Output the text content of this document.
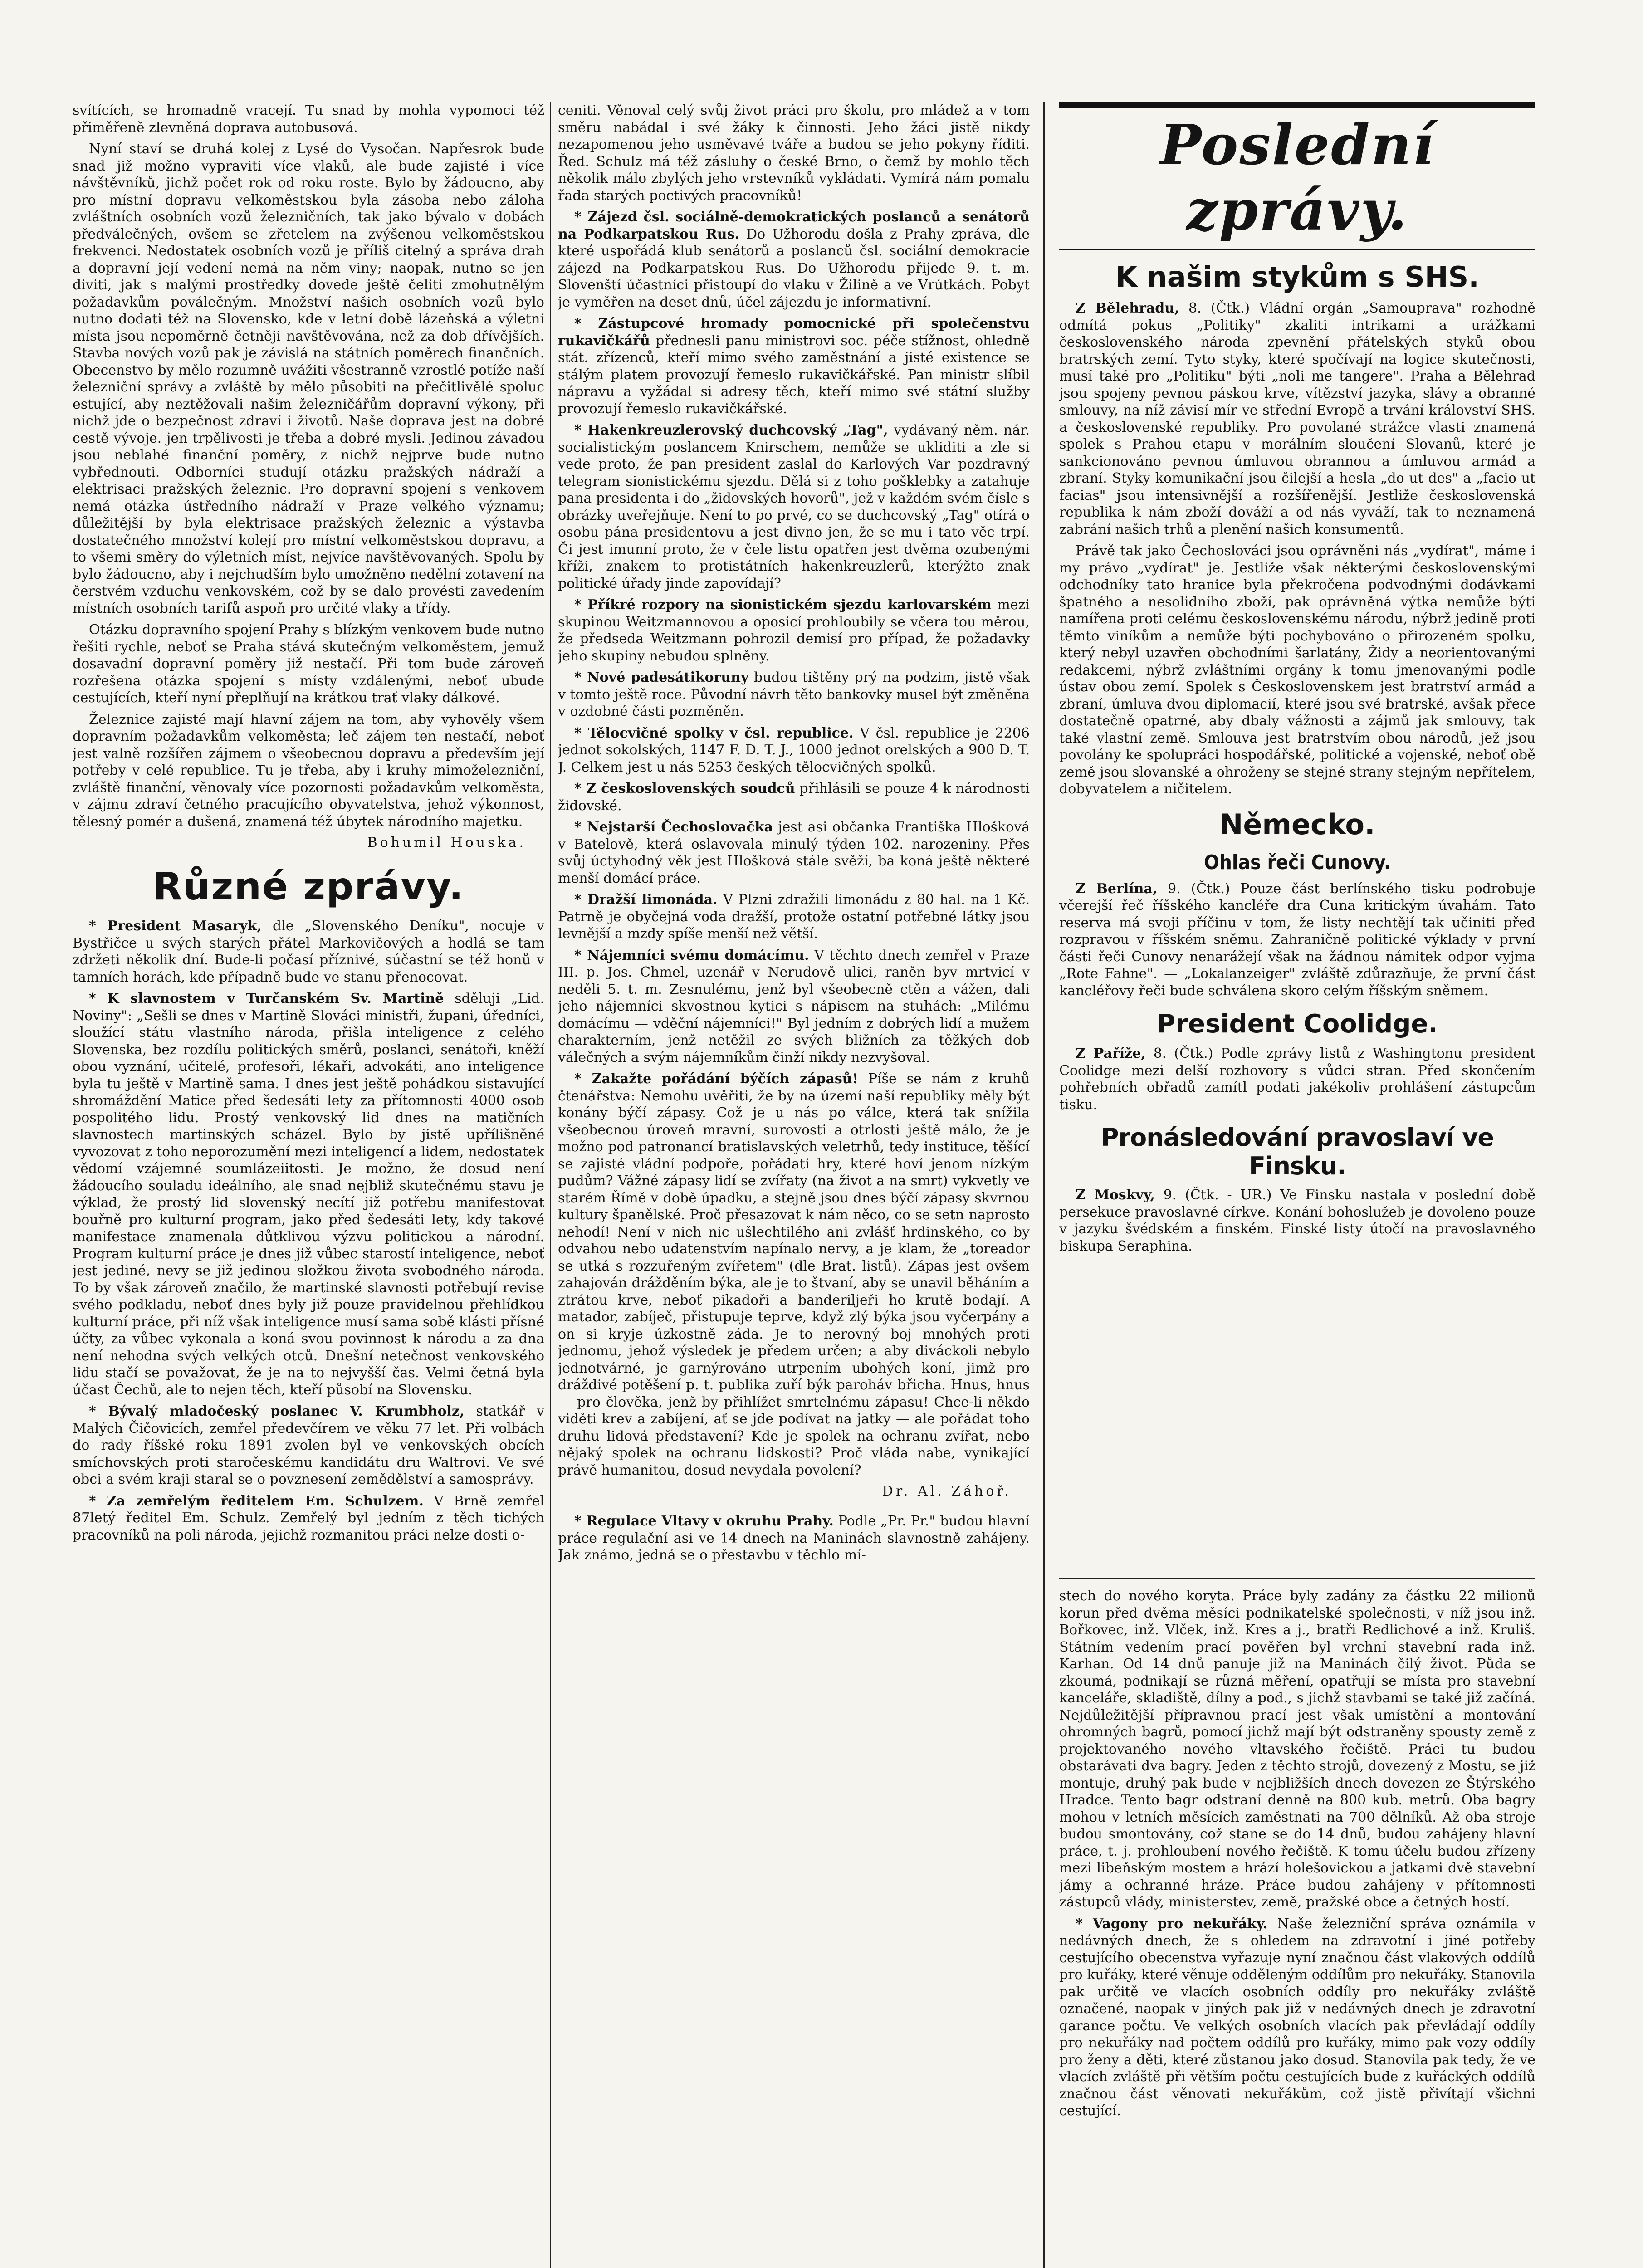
svítících, se hromadně vracejí. Tu snad by mohla vypomoci též přiměřeně zlevněná doprava autobusová.

Nyní staví se druhá kolej z Lysé do Vysočan. Napřesrok bude snad již možno vypraviti více vlaků, ale bude zajisté i více návštěvníků, jichž počet rok od roku roste. Bylo by žádoucno, aby pro místní dopravu velkoměstskou byla zásoba nebo záloha zvláštních osobních vozů železničních, tak jako bývalo v dobách předválečných, ovšem se zřetelem na zvýšenou velkoměstskou frekvenci. Nedostatek osobních vozů je příliš citelný a správa drah a dopravní její vedení nemá na něm viny; naopak, nutno se jen diviti, jak s malými prostředky dovede ještě čeliti zmohutnělým požadavkům poválečným. Množství našich osobních vozů bylo nutno dodati též na Slovensko, kde v letní době lázeňská a výletní místa jsou nepoměrně četněji navštěvována, než za dob dřívějších. Stavba nových vozů pak je závislá na státních poměrech finančních. Obecenstvo by mělo rozumně uvážiti všestranně vzrostlé potíže naší železniční správy a zvláště by mělo působiti na přečitlivělé spoluc estující, aby neztěžovali našim železničářům dopravní výkony, při nichž jde o bezpečnost zdraví i životů. Naše doprava jest na dobré cestě vývoje. jen trpělivosti je třeba a dobré mysli. Jedinou závadou jsou neblahé finanční poměry, z nichž nejprve bude nutno vybřednouti. Odborníci studují otázku pražských nádraží a elektrisaci pražských železnic. Pro dopravní spojení s venkovem nemá otázka ústředního nádraží v Praze velkého významu; důležitější by byla elektrisace pražských železnic a výstavba dostatečného množství kolejí pro místní velkoměstskou dopravu, a to všemi směry do výletních míst, nejvíce navštěvovaných. Spolu by bylo žádoucno, aby i nejchudším bylo umožněno nedělní zotavení na čerstvém vzduchu venkovském, což by se dalo provésti zavedením místních osobních tarifů aspoň pro určité vlaky a třídy.

Otázku dopravního spojení Prahy s blízkým venkovem bude nutno řešiti rychle, neboť se Praha stává skutečným velkoměstem, jemuž dosavadní dopravní poměry již nestačí. Při tom bude zároveň rozřešena otázka spojení s místy vzdálenými, neboť ubude cestujících, kteří nyní přeplňují na krátkou trať vlaky dálkové.

Železnice zajisté mají hlavní zájem na tom, aby vyhověly všem dopravním požadavkům velkoměsta; leč zájem ten nestačí, neboť jest valně rozšířen zájmem o všeobecnou dopravu a především její potřeby v celé republice. Tu je třeba, aby i kruhy mimoželezniční, zvláště finanční, věnovaly více pozornosti požadavkům velkoměsta, v zájmu zdraví četného pracujícího obyvatelstva, jehož výkonnost, tělesný pomér a dušená, znamená též úbytek národního majetku.

Bohumil Houska.
Různé zprávy.

* President Masaryk, dle „Slovenského Deníku", nocuje v Bystřičce u svých starých přátel Markovičových a hodlá se tam zdržeti několik dní. Bude-li počasí příznivé, súčastní se též honů v tamních horách, kde případně bude ve stanu přenocovat.

* K slavnostem v Turčanském Sv. Martině sděluji „Lid. Noviny": „Sešli se dnes v Martině Slováci ministři, župani, úředníci, sloužící státu vlastního národa, přišla inteligence z celého Slovenska, bez rozdílu politických směrů, poslanci, senátoři, kněží obou vyznání, učitelé, profesoři, lékaři, advokáti, ano inteligence byla tu ještě v Martině sama. I dnes jest ještě pohádkou sistavující shromáždění Matice před šedesáti lety za přítomnosti 4000 osob pospolitého lidu. Prostý venkovský lid dnes na matičních slavnostech martinských scházel. Bylo by jistě upřílišněné vyvozovat z toho neporozumění mezi inteligencí a lidem, nedostatek vědomí vzájemné soumlázeiitosti. Je možno, že dosud není žádoucího souladu ideálního, ale snad nejbliž skutečnému stavu je výklad, že prostý lid slovenský necítí již potřebu manifestovat bouřně pro kulturní program, jako před šedesáti lety, kdy takové manifestace znamenala důtklivou výzvu politickou a národní. Program kulturní práce je dnes již vůbec starostí inteligence, neboť jest jediné, nevy se již jedinou složkou života svobodného národa. To by však zároveň značilo, že martinské slavnosti potřebují revise svého podkladu, neboť dnes byly již pouze pravidelnou přehlídkou kulturní práce, při níž však inteligence musí sama sobě klásti přísné účty, za vůbec vykonala a koná svou povinnost k národu a za dna není nehodna svých velkých otců. Dnešní netečnost venkovského lidu stačí se považovat, že je na to nejvyšší čas. Velmi četná byla účast Čechů, ale to nejen těch, kteří působí na Slovensku.

* Bývalý mladočeský poslanec V. Krumbholz, statkář v Malých Čičovicích, zemřel předevčírem ve věku 77 let. Při volbách do rady říšské roku 1891 zvolen byl ve venkovských obcích smíchovských proti staročeskému kandidátu dru Waltrovi. Ve své obci a svém kraji staral se o povznesení zemědělství a samosprávy.

* Za zemřelým ředitelem Em. Schulzem. V Brně zemřel 87letý ředitel Em. Schulz. Zemřelý byl jedním z těch tichých pracovníků na poli národa, jejichž rozmanitou práci nelze dosti o-

ceniti. Věnoval celý svůj život práci pro školu, pro mládež a v tom směru nabádal i své žáky k činnosti. Jeho žáci jistě nikdy nezapomenou jeho usměvavé tváře a budou se jeho pokyny říditi. Řed. Schulz má též zásluhy o české Brno, o čemž by mohlo těch několik málo zbylých jeho vrstevníků vykládati. Vymírá nám pomalu řada starých poctivých pracovníků!

* Zájezd čsl. sociálně-demokratických poslanců a senátorů na Podkarpatskou Rus. Do Užhorodu došla z Prahy zpráva, dle které uspořádá klub senátorů a poslanců čsl. sociální demokracie zájezd na Podkarpatskou Rus. Do Užhorodu přijede 9. t. m. Slovenští účastníci přistoupí do vlaku v Žilině a ve Vrútkách. Pobyt je vyměřen na deset dnů, účel zájezdu je informativní.

* Zástupcové hromady pomocnické při společenstvu rukavičkářů přednesli panu ministrovi soc. péče stížnost, ohledně stát. zřízenců, kteří mimo svého zaměstnání a jisté existence se stálým platem provozují řemeslo rukavičkářské. Pan ministr slíbil nápravu a vyžádal si adresy těch, kteří mimo své státní služby provozují řemeslo rukavičkářské.

* Hakenkreuzlerovský duchcovský „Tag", vydávaný něm. nár. socialistickým poslancem Knirschem, nemůže se ukliditi a zle si vede proto, že pan president zaslal do Karlových Var pozdravný telegram sionistickému sjezdu. Dělá si z toho pošklebky a zatahuje pana presidenta i do „židovských hovorů", jež v každém svém čísle s obrázky uveřejňuje. Není to po prvé, co se duchcovský „Tag" otírá o osobu pána presidentovu a jest divno jen, že se mu i tato věc trpí. Či jest imunní proto, že v čele listu opatřen jest dvěma ozubenými kříži, znakem to protistátních hakenkreuzlerů, kterýžto znak politické úřady jinde zapovídají?

* Příkré rozpory na sionistickém sjezdu karlovarském mezi skupinou Weitzmannovou a oposicí prohloubily se včera tou měrou, že předseda Weitzmann pohrozil demisí pro případ, že požadavky jeho skupiny nebudou splněny.

* Nové padesátikoruny budou tištěny prý na podzim, jistě však v tomto ještě roce. Původní návrh těto bankovky musel být změněna v ozdobné části pozměněn.

* Tělocvičné spolky v čsl. republice. V čsl. republice je 2206 jednot sokolských, 1147 F. D. T. J., 1000 jednot orelských a 900 D. T. J. Celkem jest u nás 5253 českých tělocvičných spolků.

* Z československých soudců přihlásili se pouze 4 k národnosti židovské.

* Nejstarší Čechoslovačka jest asi občanka Františka Hlošková v Batelově, která oslavovala minulý týden 102. narozeniny. Přes svůj úctyhodný věk jest Hlošková stále svěží, ba koná ještě některé menší domácí práce.

* Dražší limonáda. V Plzni zdražili limonádu z 80 hal. na 1 Kč. Patrně je obyčejná voda dražší, protože ostatní potřebné látky jsou levnější a mzdy spíše menší než větší.

* Nájemníci svému domácímu. V těchto dnech zemřel v Praze III. p. Jos. Chmel, uzenář v Nerudově ulici, raněn byv mrtvicí v neděli 5. t. m. Zesnulému, jenž byl všeobecně ctěn a vážen, dali jeho nájemníci skvostnou kytici s nápisem na stuhách: „Milému domácímu — vděční nájemníci!" Byl jedním z dobrých lidí a mužem charakterním, jenž netěžil ze svých bližních za těžkých dob válečných a svým nájemníkům činží nikdy nezvyšoval.

* Zakažte pořádání býčích zápasů! Píše se nám z kruhů čtenářstva: Nemohu uvěřiti, že by na území naší republiky měly být konány býčí zápasy. Což je u nás po válce, která tak snížila všeobecnou úroveň mravní, surovosti a otrlosti ještě málo, že je možno pod patronancí bratislavských veletrhů, tedy instituce, těšící se zajisté vládní podpoře, pořádati hry, které hoví jenom nízkým pudům? Vážné zápasy lidí se zvířaty (na život a na smrt) vykvetly ve starém Římě v době úpadku, a stejně jsou dnes býčí zápasy skvrnou kultury španělské. Proč přesazovat k nám něco, co se setn naprosto nehodí! Není v nich nic ušlechtilého ani zvlášť hrdinského, co by odvahou nebo udatenstvím napínalo nervy, a je klam, že „toreador se utká s rozzuřeným zvířetem" (dle Brat. listů). Zápas jest ovšem zahajován drážděním býka, ale je to štvaní, aby se unavil běháním a ztrátou krve, neboť pikadoři a banderiljeři ho krutě bodají. A matador, zabíječ, přistupuje teprve, když zlý býka jsou vyčerpány a on si kryje úzkostně záda. Je to nerovný boj mnohých proti jednomu, jehož výsledek je předem určen; a aby diváckoli nebylo jednotvárné, je garnýrováno utrpením ubohých koní, jimž pro dráždivé potěšení p. t. publika zuří býk paroháv břicha. Hnus, hnus — pro člověka, jenž by přihlížet smrtelnému zápasu! Chce-li někdo viděti krev a zabíjení, ať se jde podívat na jatky — ale pořádat toho druhu lidová představení? Kde je spolek na ochranu zvířat, nebo nějaký spolek na ochranu lidskosti? Proč vláda nabe, vynikající právě humanitou, dosud nevydala povolení?

Dr. Al. Záhoř.

* Regulace Vltavy v okruhu Prahy. Podle „Pr. Pr." budou hlavní práce regulační asi ve 14 dnech na Maninách slavnostně zahájeny. Jak známo, jedná se o přestavbu v těchlo mí-

Poslední zprávy.
K našim stykům s SHS.

Z Bělehradu, 8. (Čtk.) Vládní orgán „Samouprava" rozhodně odmítá pokus „Politiky" zkaliti intrikami a urážkami československého národa zpevnění přátelských styků obou bratrských zemí. Tyto styky, které spočívají na logice skutečnosti, musí také pro „Politiku" býti „noli me tangere". Praha a Bělehrad jsou spojeny pevnou páskou krve, vítězství jazyka, slávy a obranné smlouvy, na níž závisí mír ve střední Evropě a trvání království SHS. a československé republiky. Pro povolané strážce vlasti znamená spolek s Prahou etapu v morálním sloučení Slovanů, které je sankcionováno pevnou úmluvou obrannou a úmluvou armád a zbraní. Styky komunikační jsou čilejší a hesla „do ut des" a „facio ut facias" jsou intensivnější a rozšířenější. Jestliže československá republika k nám zboží dováží a od nás vyváží, tak to neznamená zabrání našich trhů a plenění našich konsumentů.

Právě tak jako Čechoslováci jsou oprávněni nás „vydírat", máme i my právo „vydírat" je. Jestliže však některými československými odchodníky tato hranice byla překročena podvodnými dodávkami špatného a nesolidního zboží, pak oprávněná výtka nemůže býti namířena proti celému československému národu, nýbrž jedině proti těmto viníkům a nemůže býti pochybováno o přirozeném spolku, který nebyl uzavřen obchodními šarlatány, Židy a neorientovanými redakcemi, nýbrž zvláštními orgány k tomu jmenovanými podle ústav obou zemí. Spolek s Československem jest bratrství armád a zbraní, úmluva dvou diplomacií, které jsou své bratrské, avšak přece dostatečně opatrné, aby dbaly vážnosti a zájmů jak smlouvy, tak také vlastní země. Smlouva jest bratrstvím obou národů, jež jsou povolány ke spolupráci hospodářské, politické a vojenské, neboť obě země jsou slovanské a ohroženy se stejné strany stejným nepřítelem, dobyvatelem a ničitelem.

Německo.
Ohlas řeči Cunovy.

Z Berlína, 9. (Čtk.) Pouze část berlínského tisku podrobuje včerejší řeč říšského kancléře dra Cuna kritickým úvahám. Tato reserva má svoji příčinu v tom, že listy nechtějí tak učiniti před rozpravou v říšském sněmu. Zahraničně politické výklady v první části řeči Cunovy nenarážejí však na žádnou námitek odpor vyjma „Rote Fahne". — „Lokalanzeiger" zvláště zdůrazňuje, že první část kancléřovy řeči bude schválena skoro celým říšským sněmem.

President Coolidge.

Z Paříže, 8. (Čtk.) Podle zprávy listů z Washingtonu president Coolidge mezi delší rozhovory s vůdci stran. Před skončením pohřebních obřadů zamítl podati jakékoliv prohlášení zástupcům tisku.

Pronásledování pravoslaví ve Finsku.

Z Moskvy, 9. (Čtk. - UR.) Ve Finsku nastala v poslední době persekuce pravoslavné církve. Konání bohoslužeb je dovoleno pouze v jazyku švédském a finském. Finské listy útočí na pravoslavného biskupa Seraphina.

stech do nového koryta. Práce byly zadány za částku 22 milionů korun před dvěma měsíci podnikatelské společnosti, v níž jsou inž. Bořkovec, inž. Vlček, inž. Kres a j., bratři Redlichové a inž. Kruliš. Státním vedením prací pověřen byl vrchní stavební rada inž. Karhan. Od 14 dnů panuje již na Maninách čilý život. Půda se zkoumá, podnikají se různá měření, opatřují se místa pro stavební kanceláře, skladiště, dílny a pod., s jichž stavbami se také již začíná. Nejdůležitější přípravnou prací jest však umístění a montování ohromných bagrů, pomocí jichž mají být odstraněny spousty země z projektovaného nového vltavského řečiště. Práci tu budou obstarávati dva bagry. Jeden z těchto strojů, dovezený z Mostu, se již montuje, druhý pak bude v nejbližších dnech dovezen ze Štýrského Hradce. Tento bagr odstraní denně na 800 kub. metrů. Oba bagry mohou v letních měsících zaměstnati na 700 dělníků. Až oba stroje budou smontovány, což stane se do 14 dnů, budou zahájeny hlavní práce, t. j. prohloubení nového řečiště. K tomu účelu budou zřízeny mezi libeňským mostem a hrází holešovickou a jatkami dvě stavební jámy a ochranné hráze. Práce budou zahájeny v přítomnosti zástupců vlády, ministerstev, země, pražské obce a četných hostí.

* Vagony pro nekuřáky. Naše železniční správa oznámila v nedávných dnech, že s ohledem na zdravotní i jiné potřeby cestujícího obecenstva vyřazuje nyní značnou část vlakových oddílů pro kuřáky, které věnuje odděleným oddílům pro nekuřáky. Stanovila pak určitě ve vlacích osobních oddíly pro nekuřáky zvláště označené, naopak v jiných pak již v nedávných dnech je zdravotní garance počtu. Ve velkých osobních vlacích pak převládají oddíly pro nekuřáky nad počtem oddílů pro kuřáky, mimo pak vozy oddíly pro ženy a děti, které zůstanou jako dosud. Stanovila pak tedy, že ve vlacích zvláště při větším počtu cestujících bude z kuřáckých oddílů značnou část věnovati nekuřákům, což jistě přivítají všichni cestující.
